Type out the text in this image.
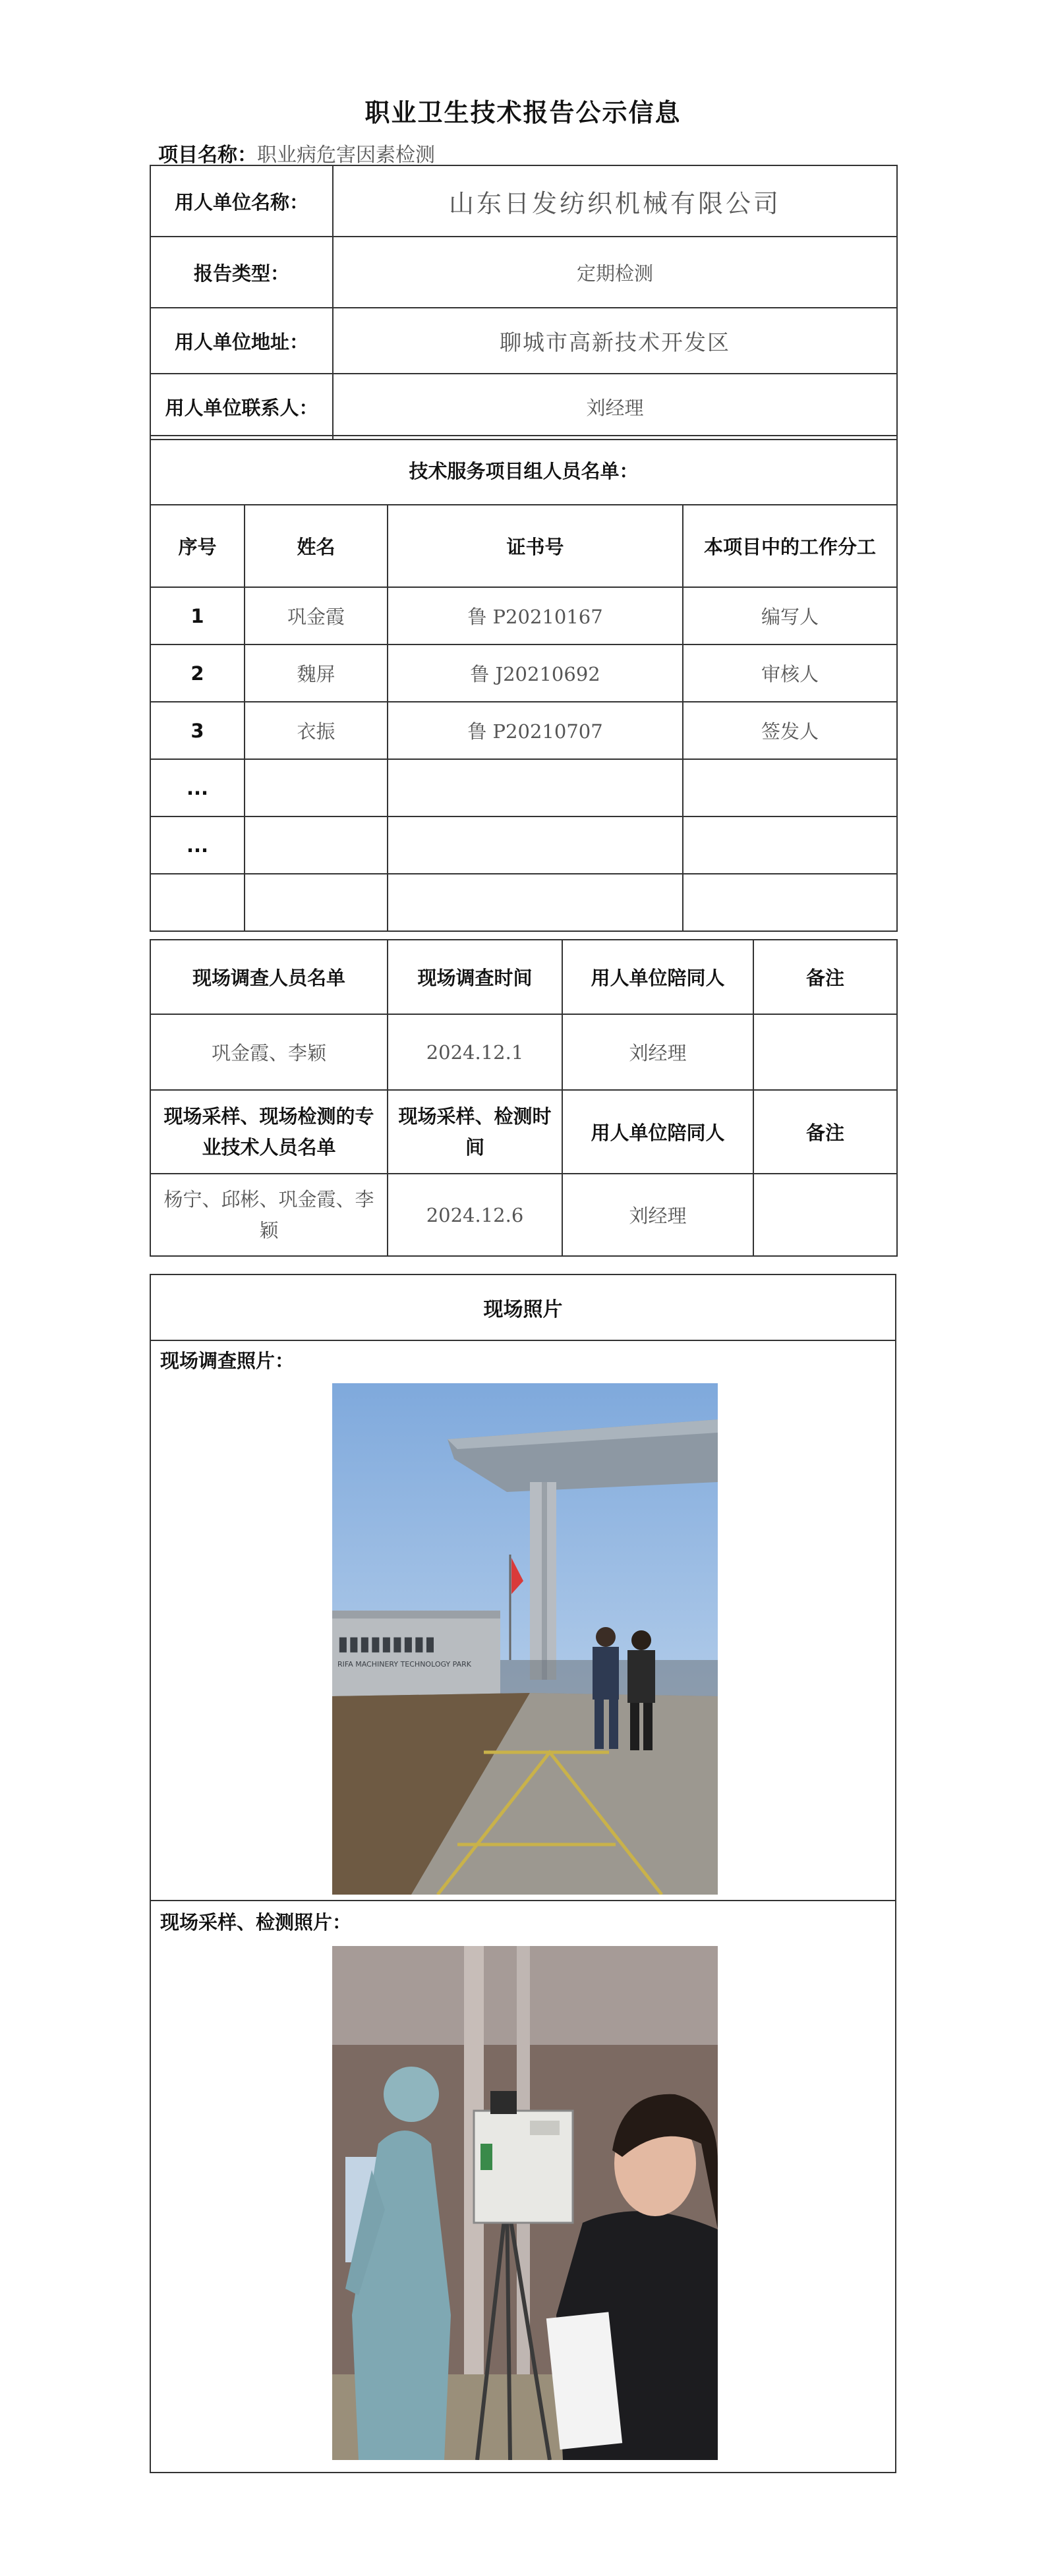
职业卫生技术报告公示信息
项目名称：职业病危害因素检测
用人单位名称：	山东日发纺织机械有限公司
报告类型：	定期检测
用人单位地址：	聊城市高新技术开发区
用人单位联系人：	刘经理
技术服务项目组人员名单：			
序号	姓名	证书号	本项目中的工作分工
1	巩金霞	鲁 P20210167	编写人
2	魏屏	鲁 J20210692	审核人
3	衣振	鲁 P20210707	签发人
...			
...			

现场调查人员名单	现场调查时间	用人单位陪同人	备注
巩金霞、李颖	2024.12.1	刘经理	
现场采样、现场检测的专业技术人员名单	现场采样、检测时间	用人单位陪同人	备注
杨宁、邱彬、巩金霞、李颖	2024.12.6	刘经理	
现场照片
现场调查照片：
▮▮▮▮▮▮▮▮▮
RIFA MACHINERY TECHNOLOGY PARK
现场采样、检测照片：
